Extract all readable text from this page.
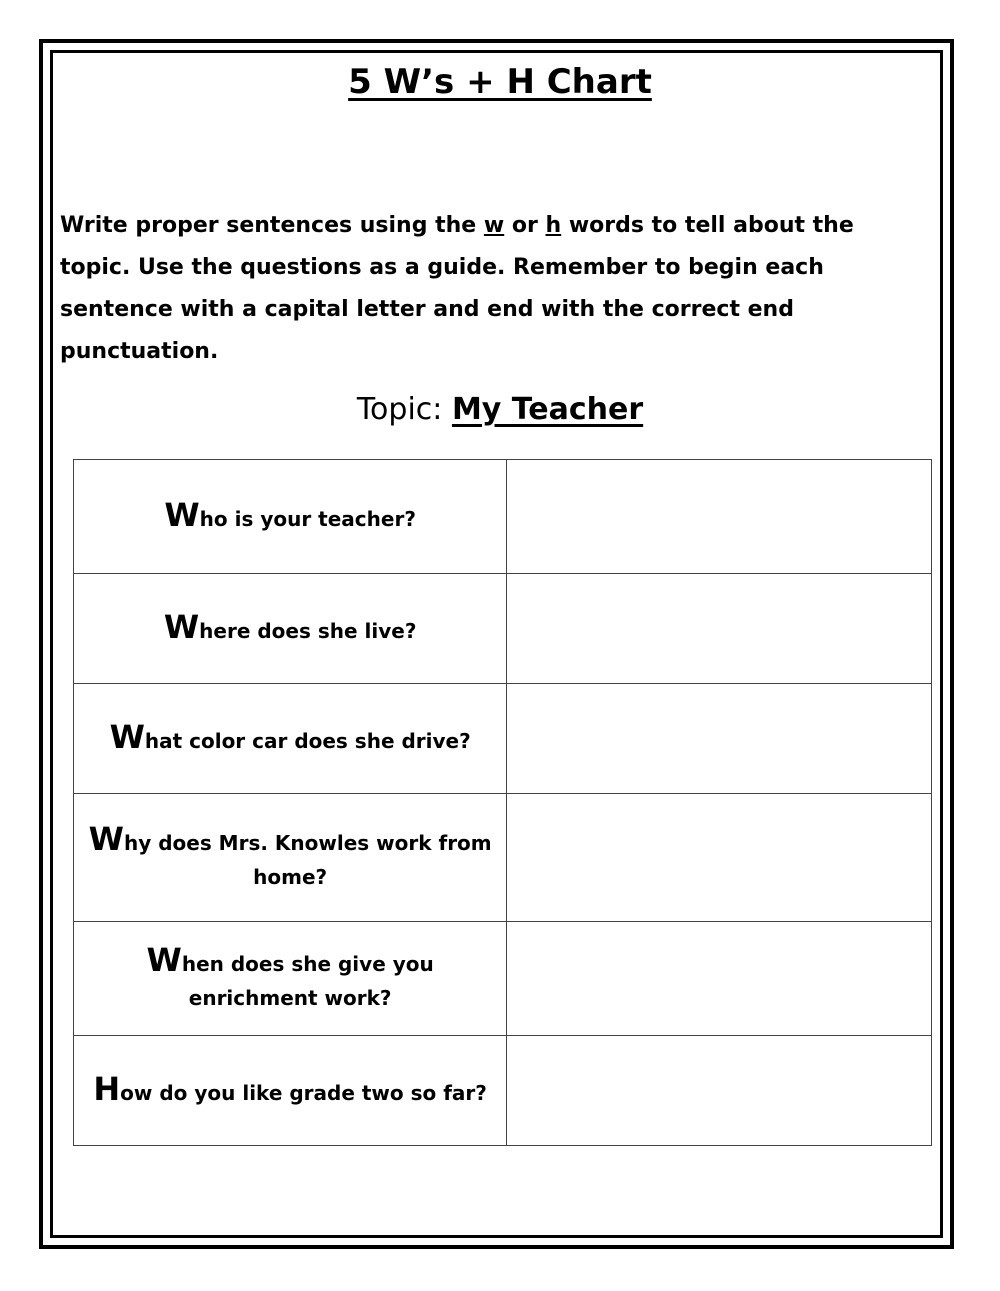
5 W’s + H Chart
Write proper sentences using the w or h words to tell about the topic. Use the questions as a guide. Remember to begin each sentence with a capital letter and end with the correct end punctuation.
Topic: My Teacher
Who is your teacher?	
Where does she live?	
What color car does she drive?	
Why does Mrs. Knowles work from home?	
When does she give you enrichment work?	
How do you like grade two so far?	
